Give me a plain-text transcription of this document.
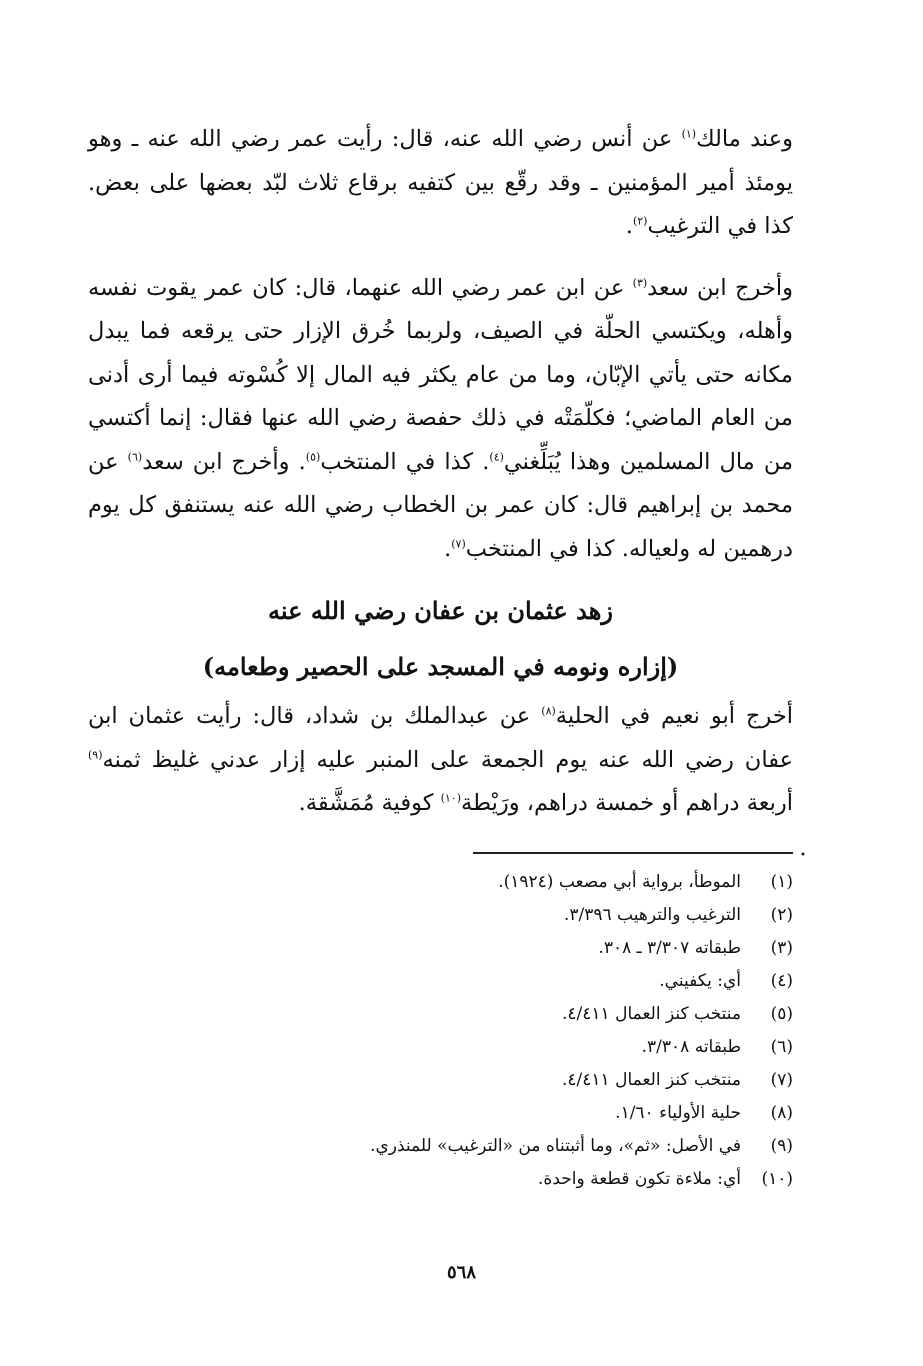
وعند مالك$^{(١)}$ عن أنس رضي الله عنه، قال: رأيت عمر رضي الله عنه ـ وهو يومئذ أمير المؤمنين ـ وقد رقّع بين كتفيه برقاع ثلاث لبّد بعضها على بعض. كذا في الترغيب$^{(٢)}$.

وأخرج ابن سعد$^{(٣)}$ عن ابن عمر رضي الله عنهما، قال: كان عمر يقوت نفسه وأهله، ويكتسي الحلّة في الصيف، ولربما خُرق الإزار حتى يرقعه فما يبدل مكانه حتى يأتي الإبّان، وما من عام يكثر فيه المال إلا كُسْوته فيما أرى أدنى من العام الماضي؛ فكلّمَتْه في ذلك حفصة رضي الله عنها فقال: إنما أكتسي من مال المسلمين وهذا يُبَلِّغني$^{(٤)}$. كذا في المنتخب$^{(٥)}$. وأخرج ابن سعد$^{(٦)}$ عن محمد بن إبراهيم قال: كان عمر بن الخطاب رضي الله عنه يستنفق كل يوم درهمين له ولعياله. كذا في المنتخب$^{(٧)}$.

زهد عثمان بن عفان رضي الله عنه
(إزاره ونومه في المسجد على الحصير وطعامه)

أخرج أبو نعيم في الحلية$^{(٨)}$ عن عبدالملك بن شداد، قال: رأيت عثمان ابن عفان رضي الله عنه يوم الجمعة على المنبر عليه إزار عدني غليظ ثمنه$^{(٩)}$ أربعة دراهم أو خمسة دراهم، ورَيْطة$^{(١٠)}$ كوفية مُمَشَّقة.

•
(١)
الموطأ، برواية أبي مصعب (١٩٢٤).
(٢)
الترغيب والترهيب ٣/٣٩٦.
(٣)
طبقاته ٣/٣٠٧ ـ ٣٠٨.
(٤)
أي: يكفيني.
(٥)
منتخب كنز العمال ٤/٤١١.
(٦)
طبقاته ٣/٣٠٨.
(٧)
منتخب كنز العمال ٤/٤١١.
(٨)
حلية الأولياء ١/٦٠.
(٩)
في الأصل: «ثم»، وما أثبتناه من «الترغيب» للمنذري.
(١٠)
أي: ملاءة تكون قطعة واحدة.
٥٦٨
